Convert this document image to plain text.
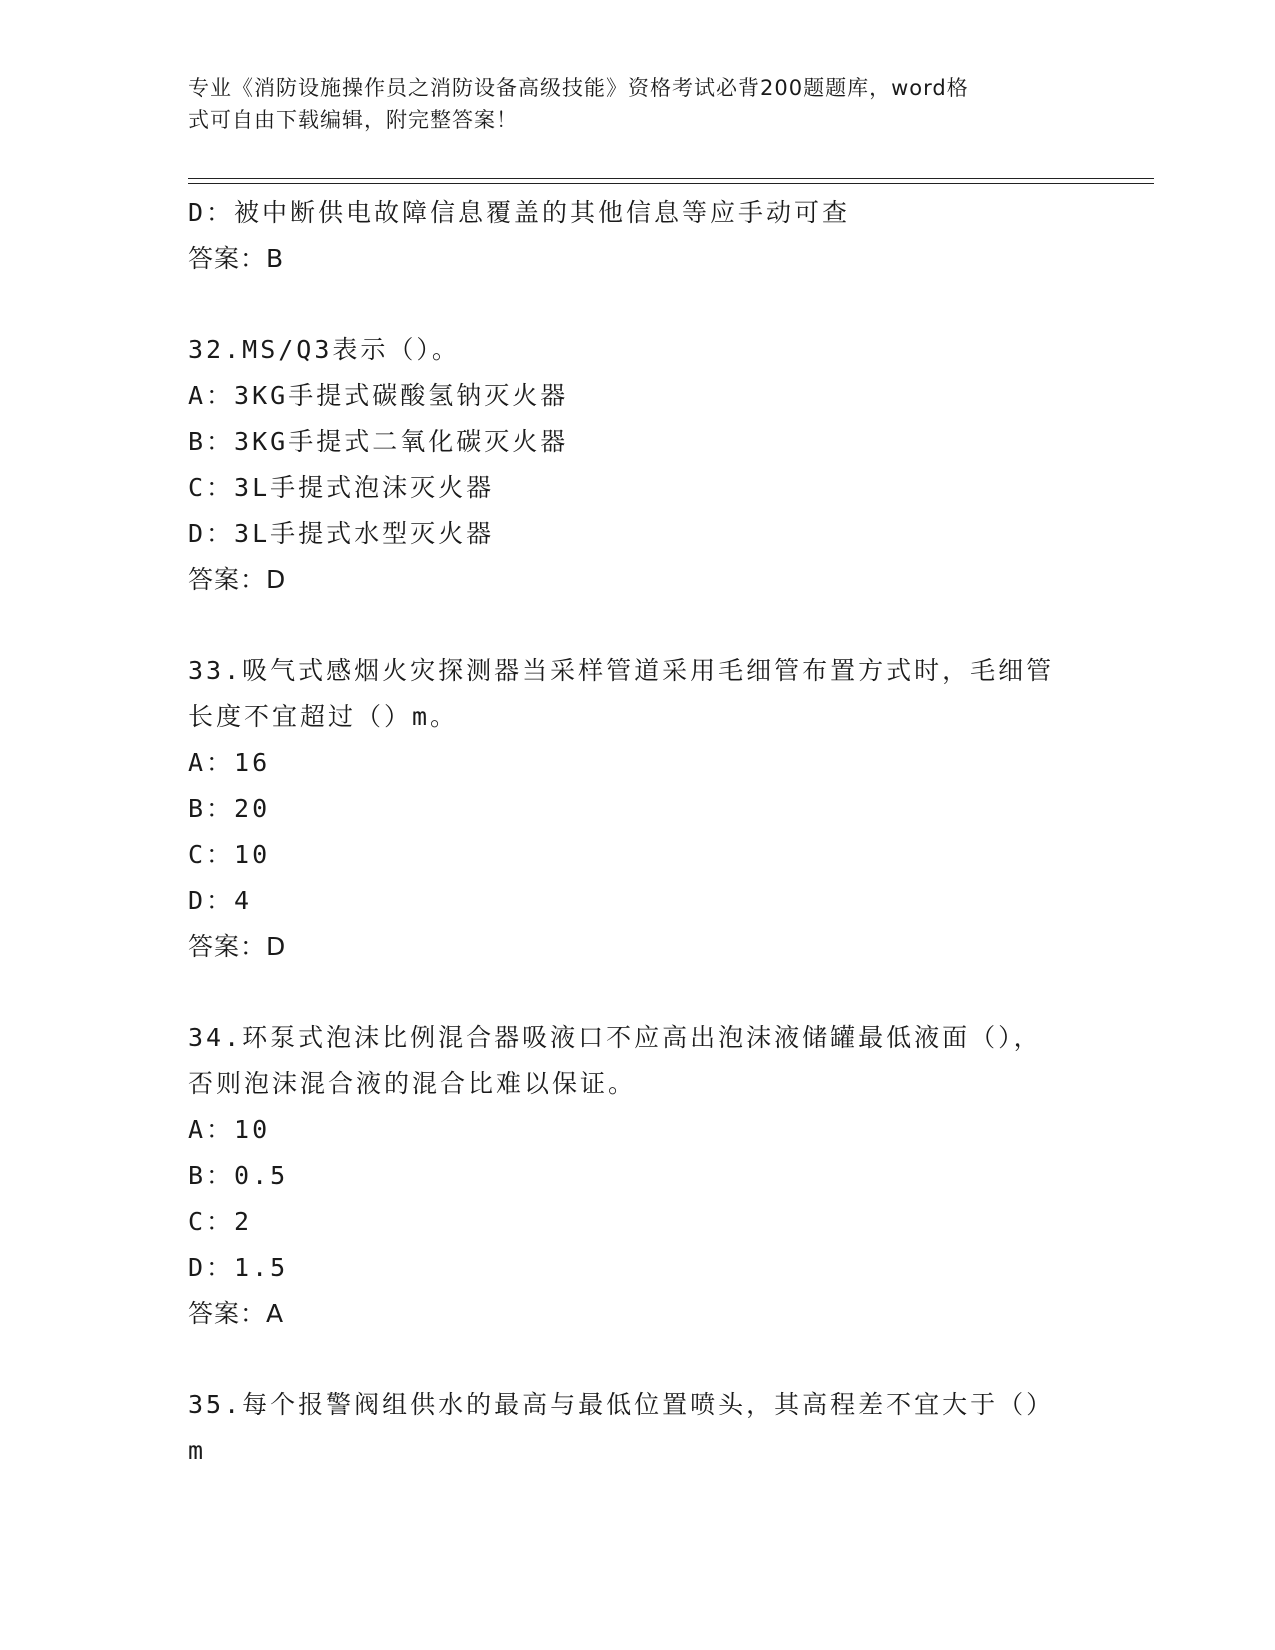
专业《消防设施操作员之消防设备高级技能》资格考试必背200题题库，word格
式可自由下载编辑，附完整答案！
D：被中断供电故障信息覆盖的其他信息等应手动可查
答案：B
32.MS/Q3表示（）。
A：3KG手提式碳酸氢钠灭火器
B：3KG手提式二氧化碳灭火器
C：3L手提式泡沫灭火器
D：3L手提式水型灭火器
答案：D
33.吸气式感烟火灾探测器当采样管道采用毛细管布置方式时，毛细管
长度不宜超过（）m。
A：16
B：20
C：10
D：4
答案：D
34.环泵式泡沫比例混合器吸液口不应高出泡沫液储罐最低液面（），
否则泡沫混合液的混合比难以保证。
A：10
B：0.5
C：2
D：1.5
答案：A
35.每个报警阀组供水的最高与最低位置喷头，其高程差不宜大于（）
m
